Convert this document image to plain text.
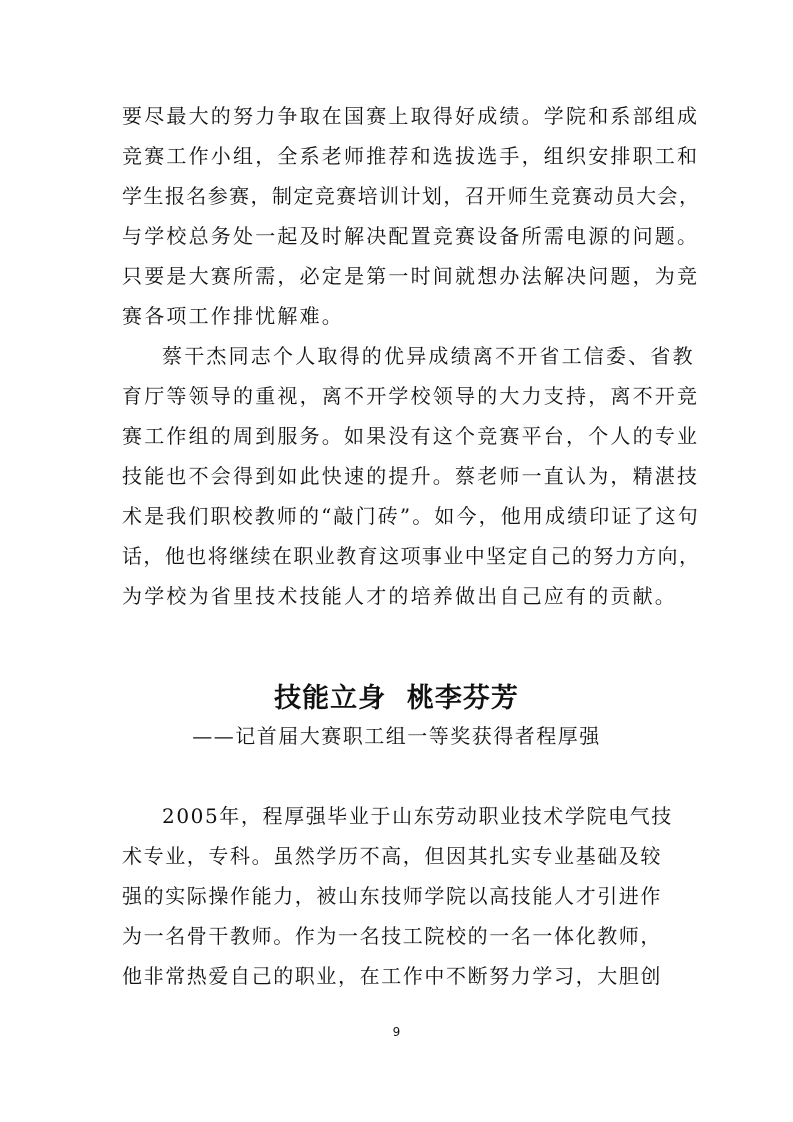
要尽最大的努力争取在国赛上取得好成绩。学院和系部组成
竞赛工作小组，全系老师推荐和选拔选手，组织安排职工和
学生报名参赛，制定竞赛培训计划，召开师生竞赛动员大会，
与学校总务处一起及时解决配置竞赛设备所需电源的问题。
只要是大赛所需，必定是第一时间就想办法解决问题，为竞
赛各项工作排忧解难。
蔡干杰同志个人取得的优异成绩离不开省工信委、省教
育厅等领导的重视，离不开学校领导的大力支持，离不开竞
赛工作组的周到服务。如果没有这个竞赛平台，个人的专业
技能也不会得到如此快速的提升。蔡老师一直认为，精湛技
术是我们职校教师的“敲门砖”。如今，他用成绩印证了这句
话，他也将继续在职业教育这项事业中坚定自己的努力方向，
为学校为省里技术技能人才的培养做出自己应有的贡献。
技能立身  桃李芬芳
——记首届大赛职工组一等奖获得者程厚强
2005年，程厚强毕业于山东劳动职业技术学院电气技
术专业，专科。虽然学历不高，但因其扎实专业基础及较
强的实际操作能力，被山东技师学院以高技能人才引进作
为一名骨干教师。作为一名技工院校的一名一体化教师，
他非常热爱自己的职业，在工作中不断努力学习，大胆创
9
